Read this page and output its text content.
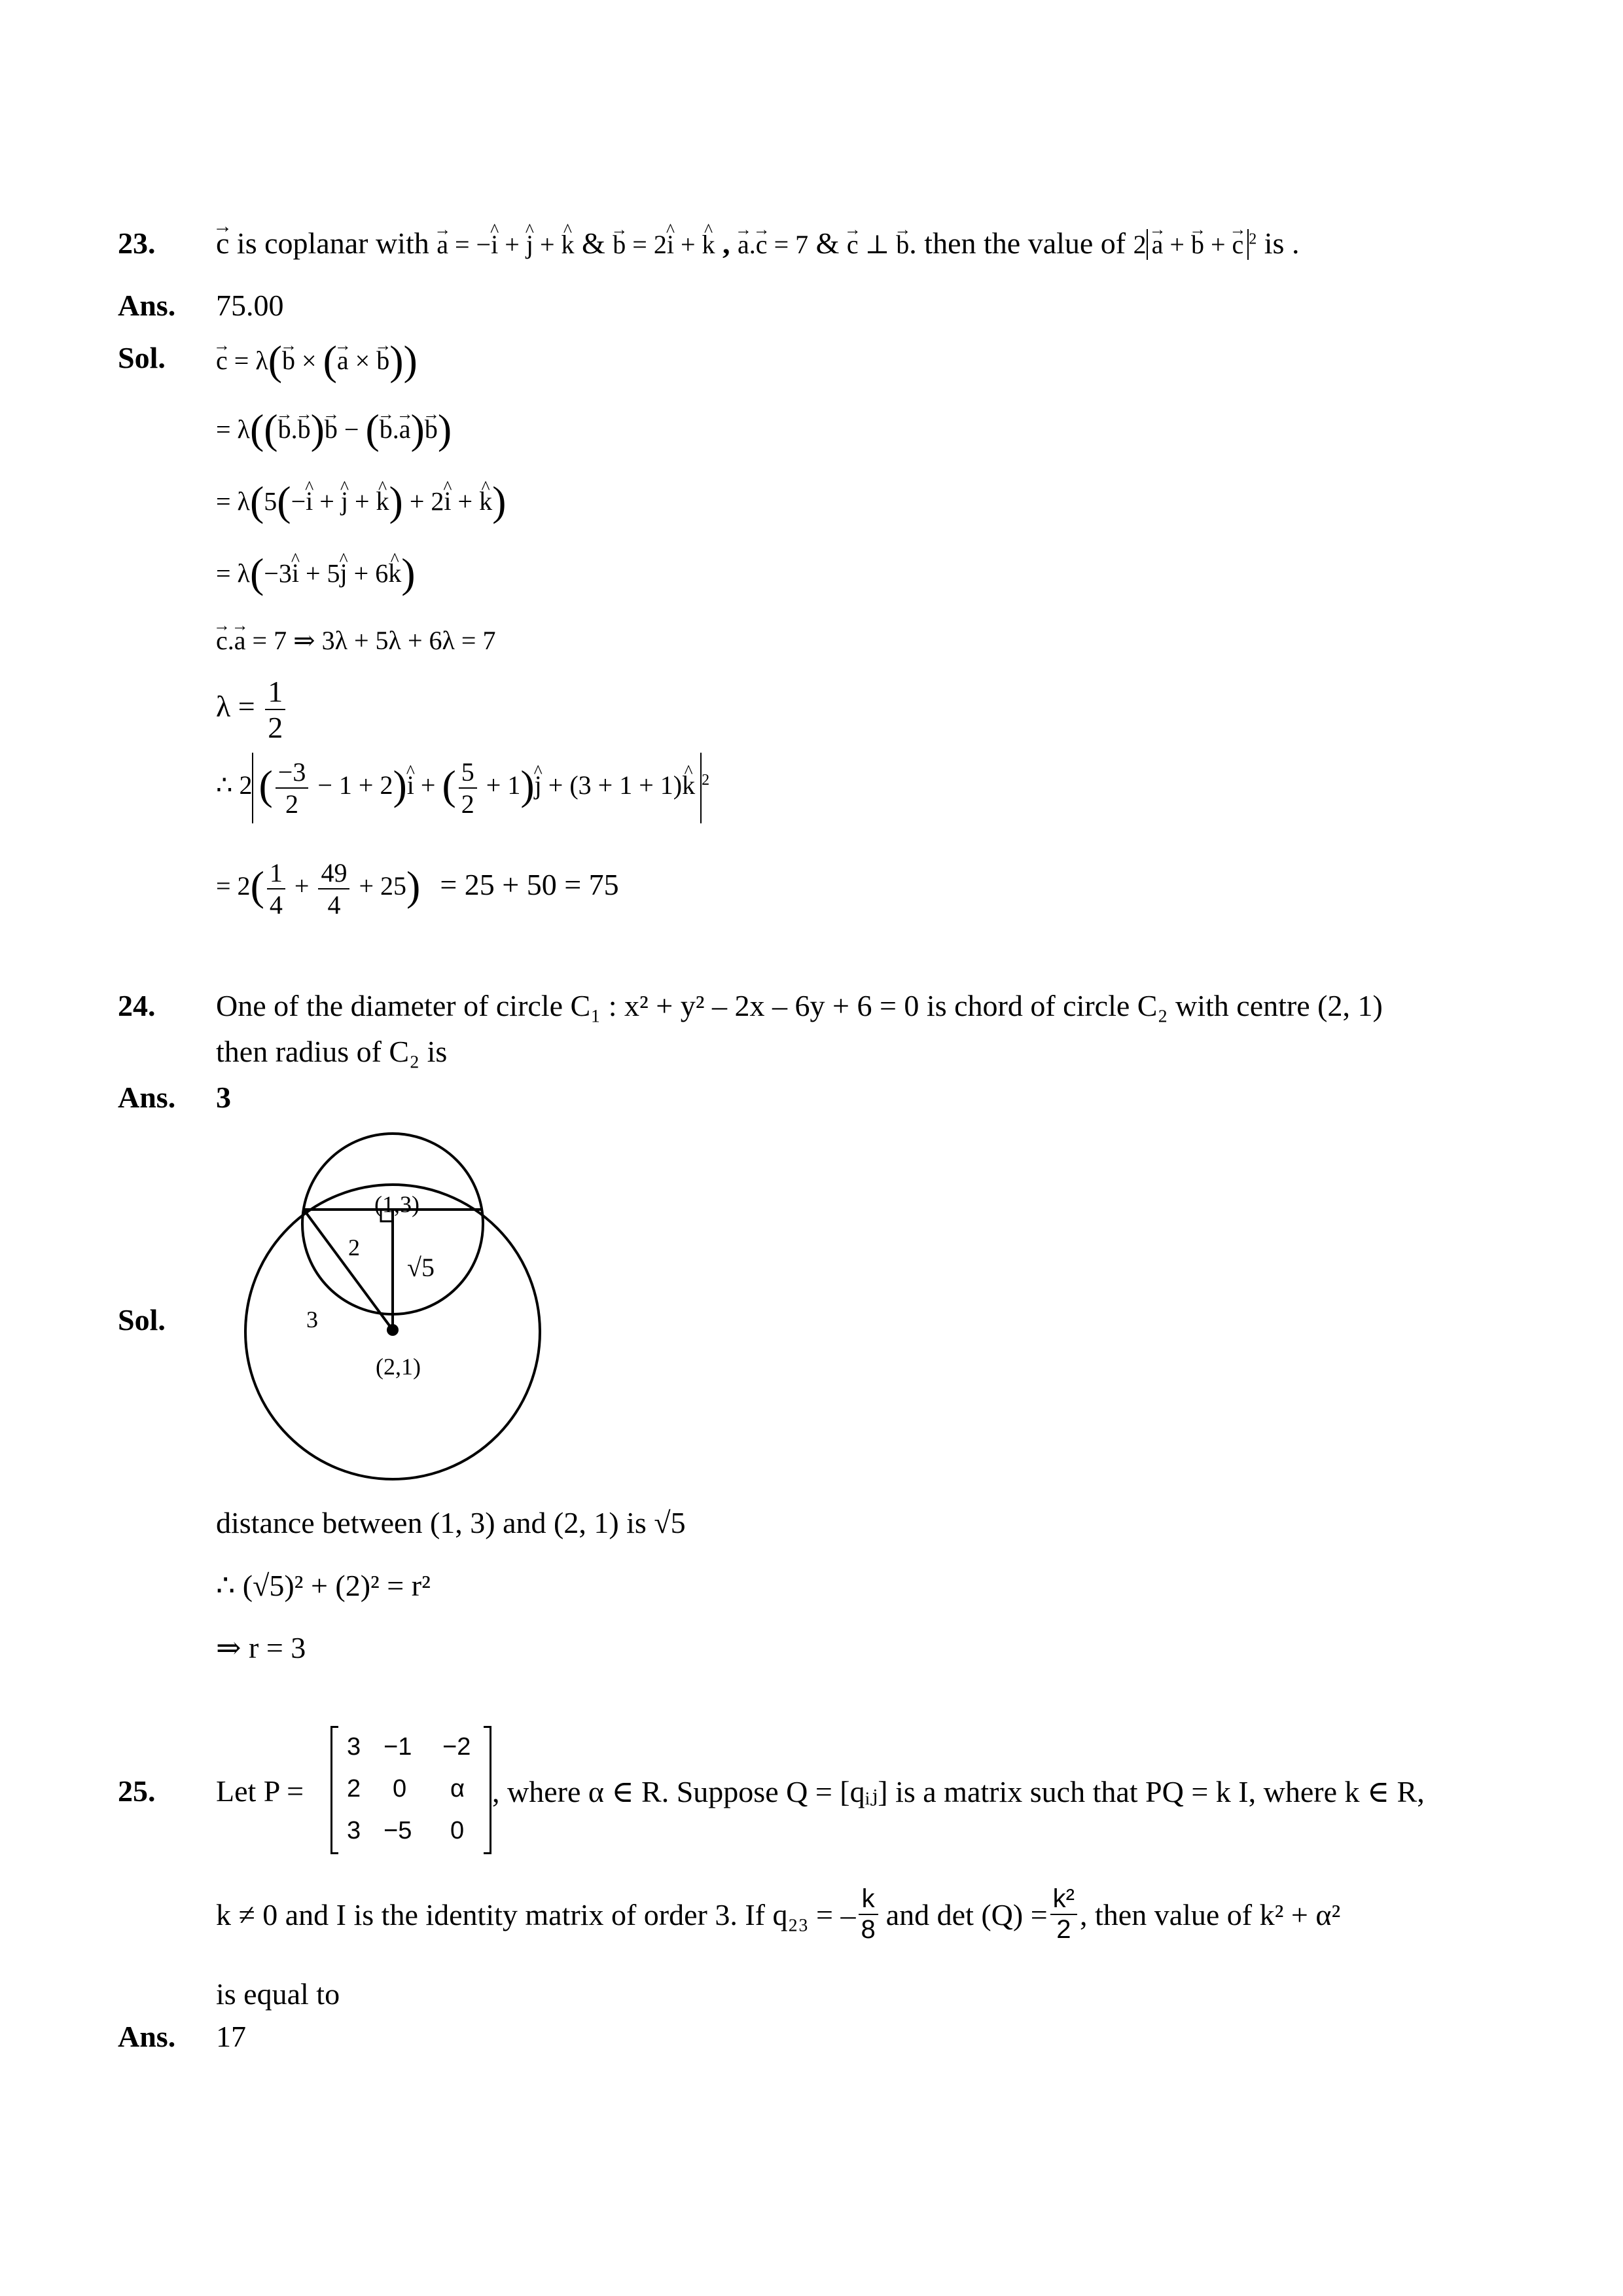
23. → c is coplanar with → a = −^ i + ^ j + ^ k & → b = 2^ i + ^ k , → a.→ c = 7 & → c ⊥ → b. then the value of 2 → a + → b + → c $^2$ is .
Ans. 75.00
Sol. → c = λ(→ b × (→ a × → b))
= λ((→ b.→ b)→ b − (→ b.→ a)→ b)
= λ(5(−^ i + ^ j + ^ k) + 2^ i + ^ k)
= λ(−3^ i + 5^ j + 6^ k)
→ c.→ a = 7 ⇒ 3λ + 5λ + 6λ = 7
$\lambda = \frac{1}{2}$
∴ 2 ( $\frac{-3}{2} - 1$ + 2)^ i + ( $\frac{5}{2}$ + 1)^ j + (3 + 1 + 1)^ k $^2$
= $2( \frac{1}{4} + \frac{49}{4} + 25) = 25 + 50 = 75$
24. One of the diameter of circle C₁ : x² + y² – 2x – 6y + 6 = 0 is chord of circle C₂ with centre (2, 1)
then radius of C₂ is
Ans. 3
Sol.
(1,3)
2
√5
3
(2,1)
distance between (1, 3) and (2, 1) is √5
∴ (√5)² + (2)² = r²
⇒ r = 3
25. Let P =
3 −1 −2
2 0 α
3 −5 0
, where α ∈ R. Suppose Q = [qᵢⱼ] is a matrix such that PQ = k I, where k ∈ R,
k ≠ 0 and I is the identity matrix of order 3. If q₂₃ = – $\frac{k}{8}$ and $\det (Q) = \frac{\text{k²}}{2}$ , then value of k² + α²
is equal to
Ans. 17
